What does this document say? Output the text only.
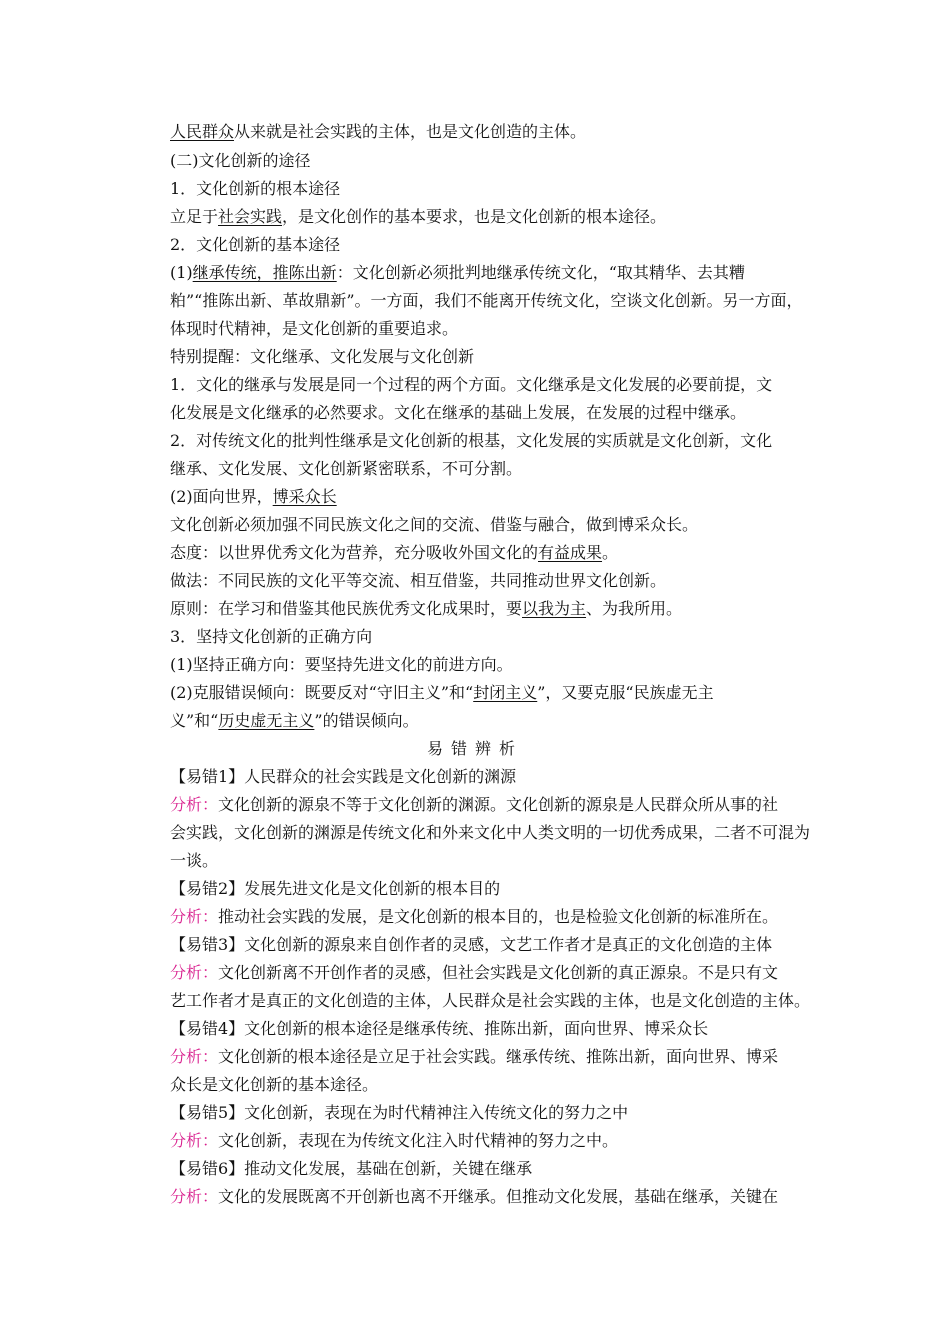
人民群众从来就是社会实践的主体，也是文化创造的主体。
(二)文化创新的途径
1．文化创新的根本途径
立足于社会实践，是文化创作的基本要求，也是文化创新的根本途径。
2．文化创新的基本途径
(1)继承传统，推陈出新：文化创新必须批判地继承传统文化，“取其精华、去其糟
粕”“推陈出新、革故鼎新”。一方面，我们不能离开传统文化，空谈文化创新。另一方面，
体现时代精神，是文化创新的重要追求。
特别提醒：文化继承、文化发展与文化创新
1．文化的继承与发展是同一个过程的两个方面。文化继承是文化发展的必要前提，文
化发展是文化继承的必然要求。文化在继承的基础上发展，在发展的过程中继承。
2．对传统文化的批判性继承是文化创新的根基，文化发展的实质就是文化创新，文化
继承、文化发展、文化创新紧密联系，不可分割。
(2)面向世界，博采众长
文化创新必须加强不同民族文化之间的交流、借鉴与融合，做到博采众长。
态度：以世界优秀文化为营养，充分吸收外国文化的有益成果。
做法：不同民族的文化平等交流、相互借鉴，共同推动世界文化创新。
原则：在学习和借鉴其他民族优秀文化成果时，要以我为主、为我所用。
3．坚持文化创新的正确方向
(1)坚持正确方向：要坚持先进文化的前进方向。
(2)克服错误倾向：既要反对“守旧主义”和“封闭主义”，又要克服“民族虚无主
义”和“历史虚无主义”的错误倾向。
易错辨析
【易错1】人民群众的社会实践是文化创新的渊源
分析：文化创新的源泉不等于文化创新的渊源。文化创新的源泉是人民群众所从事的社
会实践，文化创新的渊源是传统文化和外来文化中人类文明的一切优秀成果，二者不可混为
一谈。
【易错2】发展先进文化是文化创新的根本目的
分析：推动社会实践的发展，是文化创新的根本目的，也是检验文化创新的标准所在。
【易错3】文化创新的源泉来自创作者的灵感，文艺工作者才是真正的文化创造的主体
分析：文化创新离不开创作者的灵感，但社会实践是文化创新的真正源泉。不是只有文
艺工作者才是真正的文化创造的主体，人民群众是社会实践的主体，也是文化创造的主体。
【易错4】文化创新的根本途径是继承传统、推陈出新，面向世界、博采众长
分析：文化创新的根本途径是立足于社会实践。继承传统、推陈出新，面向世界、博采
众长是文化创新的基本途径。
【易错5】文化创新，表现在为时代精神注入传统文化的努力之中
分析：文化创新，表现在为传统文化注入时代精神的努力之中。
【易错6】推动文化发展，基础在创新，关键在继承
分析：文化的发展既离不开创新也离不开继承。但推动文化发展，基础在继承，关键在
